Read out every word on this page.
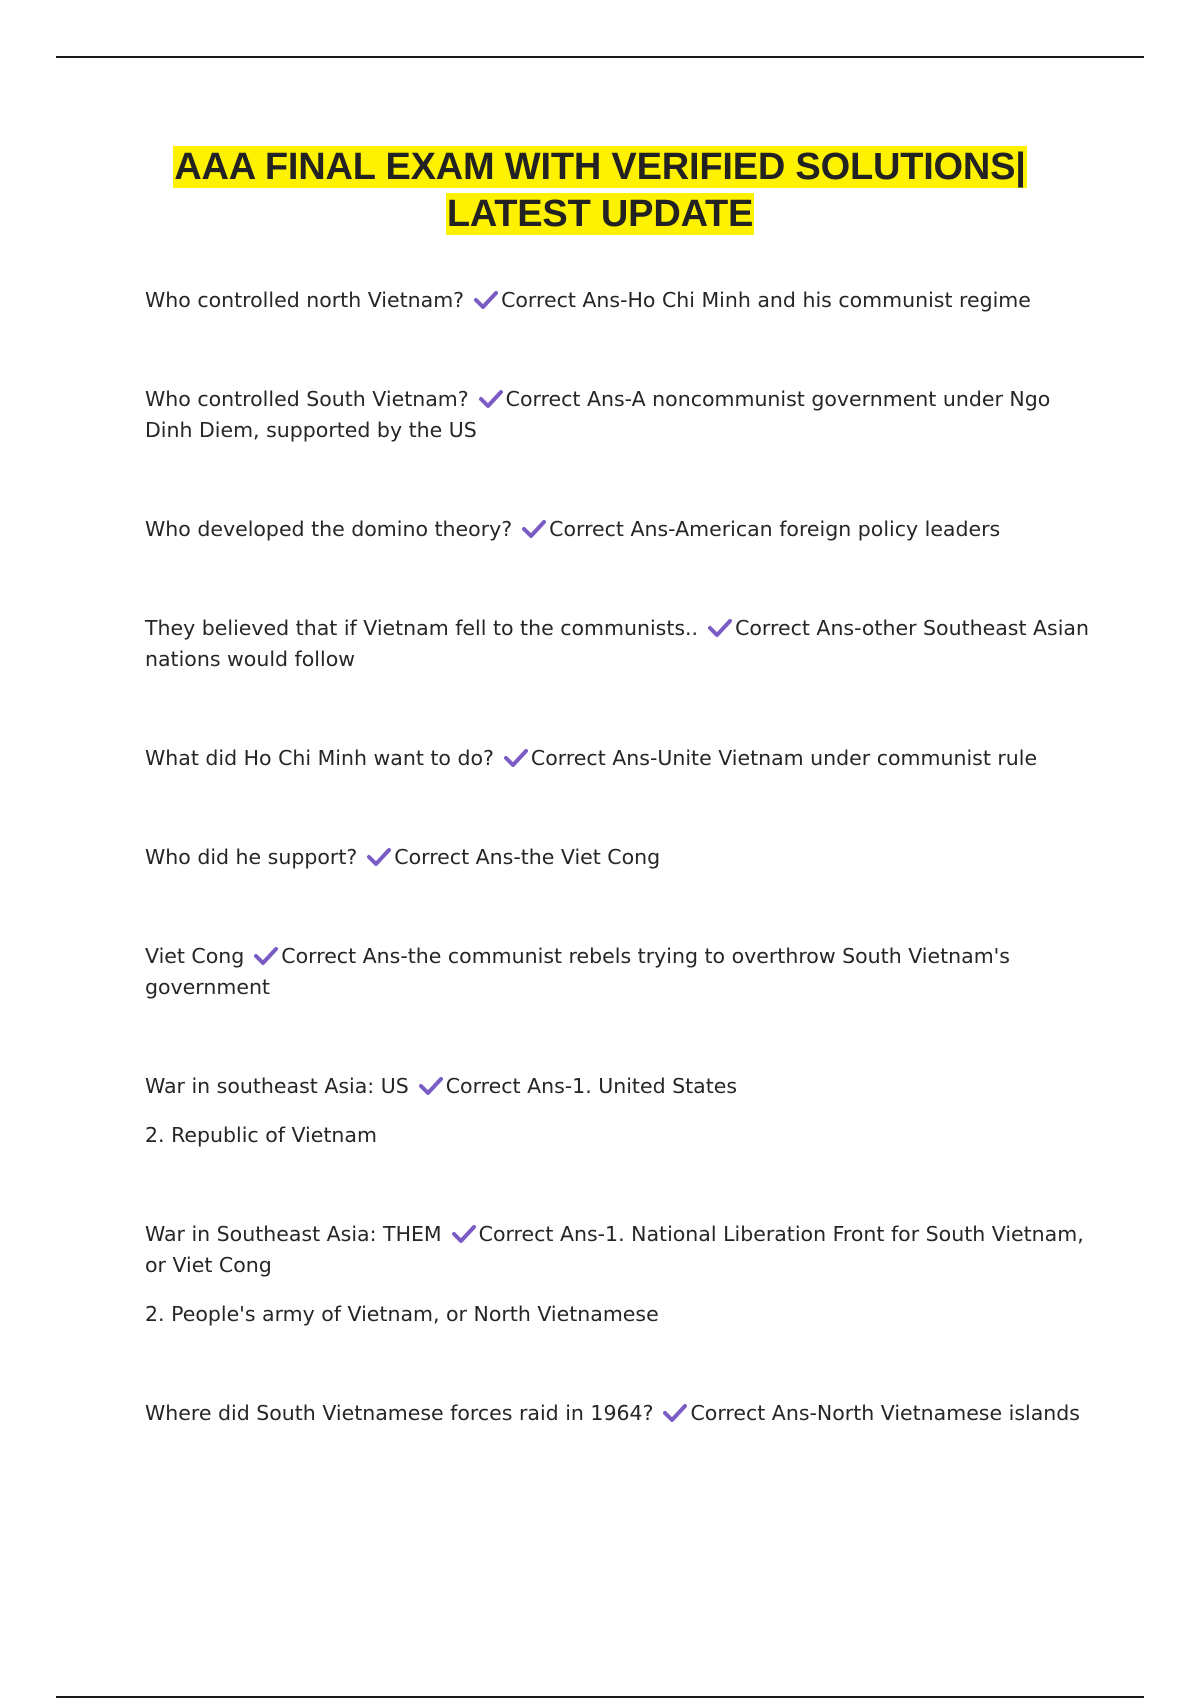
AAA FINAL EXAM WITH VERIFIED SOLUTIONS|
LATEST UPDATE

Who controlled north Vietnam? Correct Ans-Ho Chi Minh and his communist regime

Who controlled South Vietnam? Correct Ans-A noncommunist government under Ngo Dinh Diem, supported by the US

Who developed the domino theory? Correct Ans-American foreign policy leaders

They believed that if Vietnam fell to the communists.. Correct Ans-other Southeast Asian nations would follow

What did Ho Chi Minh want to do? Correct Ans-Unite Vietnam under communist rule

Who did he support? Correct Ans-the Viet Cong

Viet Cong Correct Ans-the communist rebels trying to overthrow South Vietnam's government

War in southeast Asia: US Correct Ans-1. United States

2. Republic of Vietnam

War in Southeast Asia: THEM Correct Ans-1. National Liberation Front for South Vietnam, or Viet Cong

2. People's army of Vietnam, or North Vietnamese

Where did South Vietnamese forces raid in 1964? Correct Ans-North Vietnamese islands
